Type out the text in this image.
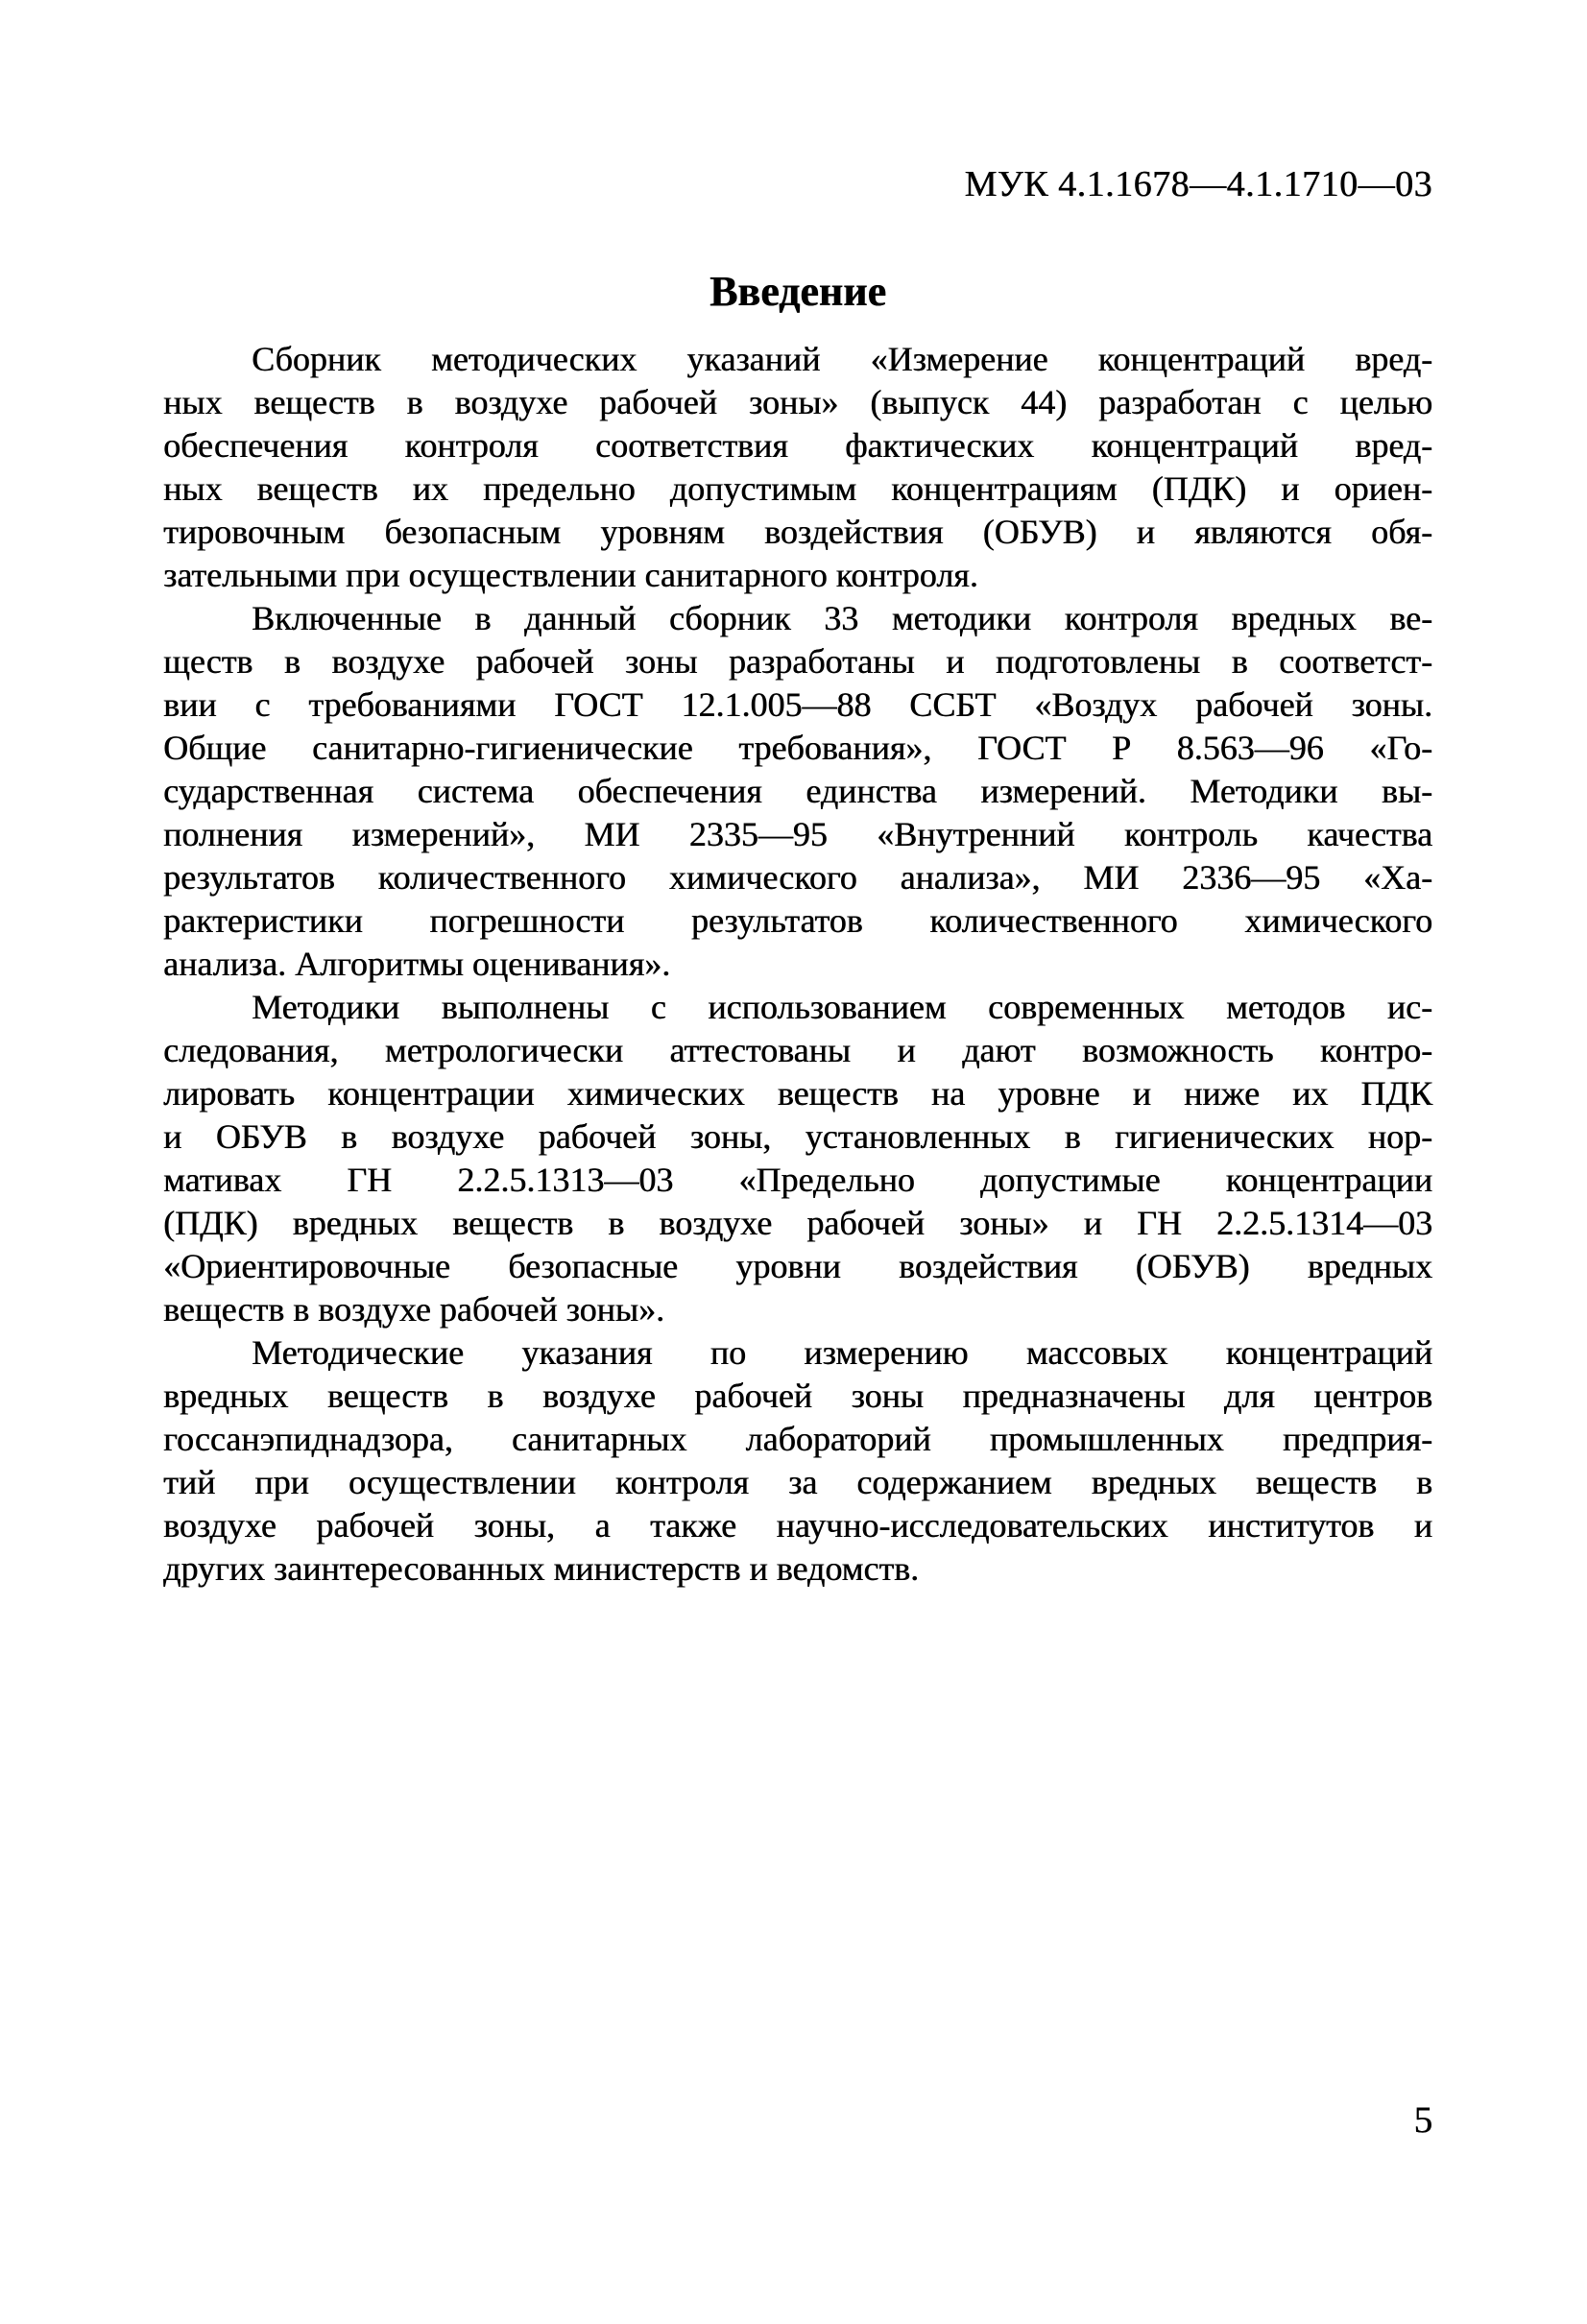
МУК 4.1.1678—4.1.1710—03
Введение
Сборник методических указаний «Измерение концентраций вред-
ных веществ в воздухе рабочей зоны» (выпуск 44) разработан с целью
обеспечения контроля соответствия фактических концентраций вред-
ных веществ их предельно допустимым концентрациям (ПДК) и ориен-
тировочным безопасным уровням воздействия (ОБУВ) и являются обя-
зательными при осуществлении санитарного контроля.
Включенные в данный сборник 33 методики контроля вредных ве-
ществ в воздухе рабочей зоны разработаны и подготовлены в соответст-
вии с требованиями ГОСТ 12.1.005—88 ССБТ «Воздух рабочей зоны.
Общие санитарно-гигиенические требования», ГОСТ Р 8.563—96 «Го-
сударственная система обеспечения единства измерений. Методики вы-
полнения измерений», МИ 2335—95 «Внутренний контроль качества
результатов количественного химического анализа», МИ 2336—95 «Ха-
рактеристики погрешности результатов количественного химического
анализа. Алгоритмы оценивания».
Методики выполнены с использованием современных методов ис-
следования, метрологически аттестованы и дают возможность контро-
лировать концентрации химических веществ на уровне и ниже их ПДК
и ОБУВ в воздухе рабочей зоны, установленных в гигиенических нор-
мативах ГН 2.2.5.1313—03 «Предельно допустимые концентрации
(ПДК) вредных веществ в воздухе рабочей зоны» и ГН 2.2.5.1314—03
«Ориентировочные безопасные уровни воздействия (ОБУВ) вредных
веществ в воздухе рабочей зоны».
Методические указания по измерению массовых концентраций
вредных веществ в воздухе рабочей зоны предназначены для центров
госсанэпиднадзора, санитарных лабораторий промышленных предприя-
тий при осуществлении контроля за содержанием вредных веществ в
воздухе рабочей зоны, а также научно-исследовательских институтов и
других заинтересованных министерств и ведомств.
5
